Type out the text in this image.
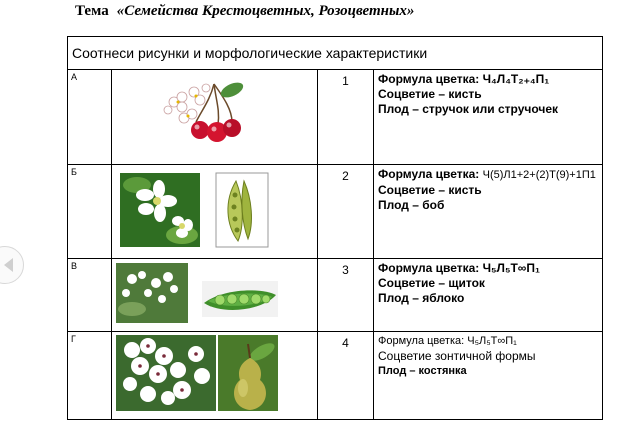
Тема «Семейства Крестоцветных, Розоцветных»
Соотнеси рисунки и морфологические характеристики			
А		1	Формула цветка: Ч₄Л₄Т₂₊₄П₁
Соцветие – кисть
Плод – стручок или стручочек

Б		2	Формула цветка: Ч(5)Л1+2+(2)Т(9)+1П1
Соцветие – кисть
Плод – боб

В		3	Формула цветка: Ч₅Л₅Т∞П₁
Соцветие – щиток
Плод – яблоко

Г		4	Формула цветка: Ч₅Л₅Т∞П₁
Соцветие зонтичной формы
Плод – костянка
